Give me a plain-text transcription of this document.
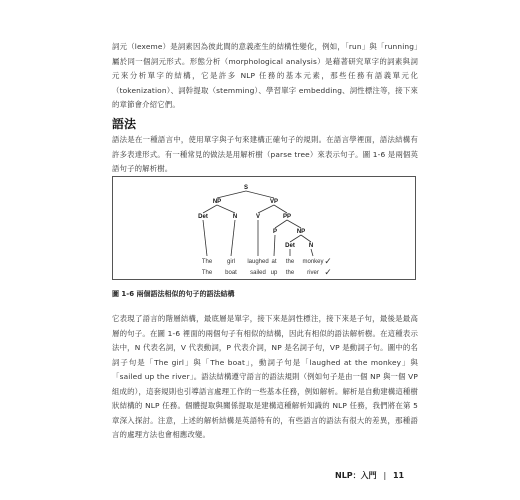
詞元（lexeme）是詞素因為彼此間的意義產生的結構性變化，例如，「run」與「running」屬於同一個詞元形式。形態分析（morphological analysis）是藉著研究單字的詞素與詞元來分析單字的結構，它是許多 NLP 任務的基本元素，那些任務有語義單元化（tokenization）、詞幹提取（stemming）、學習單字 embedding、詞性標注等，接下來的章節會介紹它們。

語法

語法是在一種語言中，使用單字與子句來建構正確句子的規則。在語言學裡面，語法結構有許多表達形式。有一種常見的做法是用解析樹（parse tree）來表示句子。圖 1-6 是兩個英語句子的解析樹。

S
NP	VP
Det	N	V	PP
P	NP
Det N
The girl laughed at the monkey
The boat sailed up the river
✓
✓

圖 1-6 兩個語法相似的句子的語法結構

它表現了語言的階層結構，最底層是單字，接下來是詞性標注，接下來是子句，最後是最高層的句子。在圖 1-6 裡面的兩個句子有相似的結構，因此有相似的語法解析樹。在這種表示法中，N 代表名詞，V 代表動詞，P 代表介詞，NP 是名詞子句，VP 是動詞子句。圖中的名詞子句是「The girl」與「The boat」，動詞子句是「laughed at the monkey」與「sailed up the river」。語法結構遵守語言的語法規則（例如句子是由一個 NP 與一個 VP 組成的），這套規則也引導語言處理工作的一些基本任務，例如解析。解析是自動建構這種樹狀結構的 NLP 任務。個體提取與關係提取是建構這種解析知識的 NLP 任務，我們將在第 5 章深入探討。注意，上述的解析結構是英語特有的，有些語言的語法有很大的差異，那種語言的處理方法也會相應改變。

NLP：入門 | 11
